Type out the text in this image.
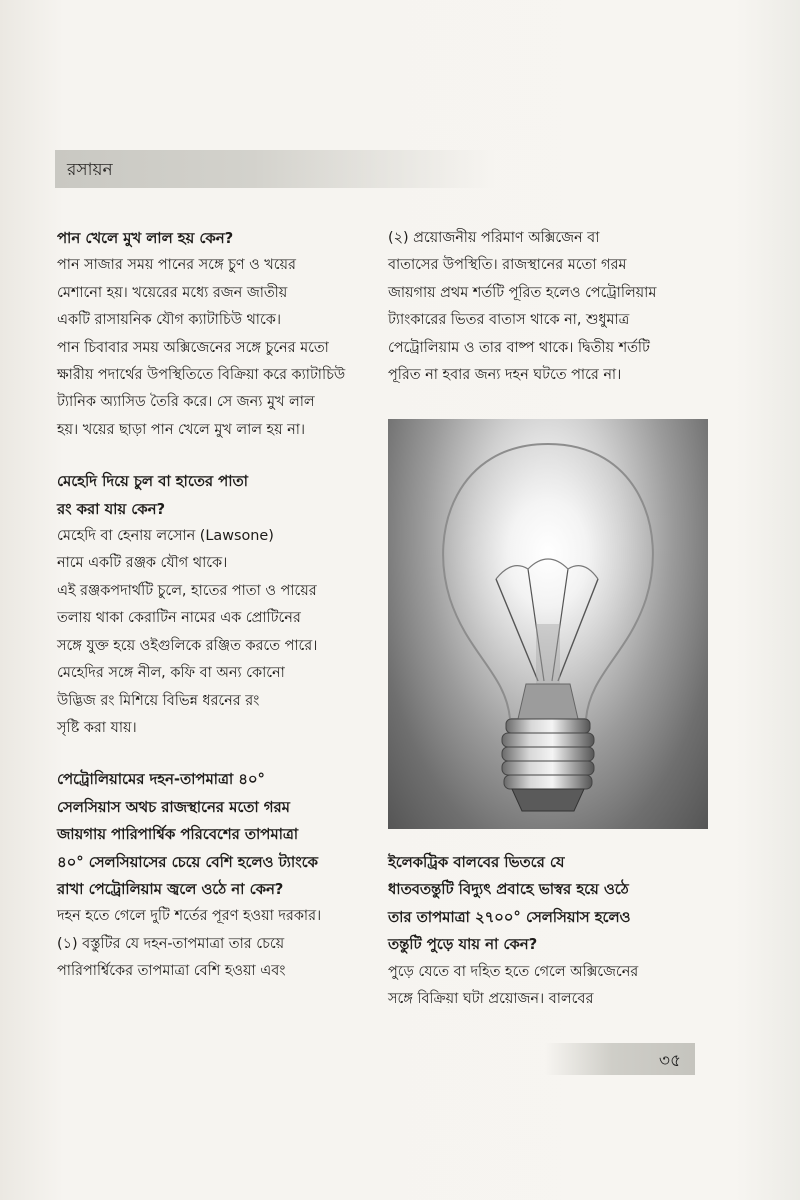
রসায়ন

পান খেলে মুখ লাল হয় কেন?

পান সাজার সময় পানের সঙ্গে চুণ ও খয়ের
মেশানো হয়। খয়েরের মধ্যে রজন জাতীয়
একটি রাসায়নিক যৌগ ক্যাটাচিউ থাকে।
পান চিবাবার সময় অক্সিজেনের সঙ্গে চুনের মতো
ক্ষারীয় পদার্থের উপস্থিতিতে বিক্রিয়া করে ক্যাটাচিউ
ট্যানিক অ্যাসিড তৈরি করে। সে জন্য মুখ লাল
হয়। খয়ের ছাড়া পান খেলে মুখ লাল হয় না।

মেহেদি দিয়ে চুল বা হাতের পাতা
রং করা যায় কেন?

মেহেদি বা হেনায় লসোন (Lawsone)
নামে একটি রঞ্জক যৌগ থাকে।
এই রঞ্জকপদার্থটি চুলে, হাতের পাতা ও পায়ের
তলায় থাকা কেরাটিন নামের এক প্রোটিনের
সঙ্গে যুক্ত হয়ে ওইগুলিকে রঞ্জিত করতে পারে।
মেহেদির সঙ্গে নীল, কফি বা অন্য কোনো
উদ্ভিজ রং মিশিয়ে বিভিন্ন ধরনের রং
সৃষ্টি করা যায়।

পেট্রোলিয়ামের দহন-তাপমাত্রা ৪০°
সেলসিয়াস অথচ রাজস্থানের মতো গরম
জায়গায় পারিপার্শ্বিক পরিবেশের তাপমাত্রা
৪০° সেলসিয়াসের চেয়ে বেশি হলেও ট্যাংকে
রাখা পেট্রোলিয়াম জ্বলে ওঠে না কেন?

দহন হতে গেলে দুটি শর্তের পূরণ হওয়া দরকার।
(১) বস্তুটির যে দহন-তাপমাত্রা তার চেয়ে
পারিপার্শ্বিকের তাপমাত্রা বেশি হওয়া এবং

(২) প্রয়োজনীয় পরিমাণ অক্সিজেন বা
বাতাসের উপস্থিতি। রাজস্থানের মতো গরম
জায়গায় প্রথম শর্তটি পূরিত হলেও পেট্রোলিয়াম
ট্যাংকারের ভিতর বাতাস থাকে না, শুধুমাত্র
পেট্রোলিয়াম ও তার বাষ্প থাকে। দ্বিতীয় শর্তটি
পূরিত না হবার জন্য দহন ঘটতে পারে না।

ইলেকট্রিক বালবের ভিতরে যে
ধাতবতন্তুটি বিদ্যুৎ প্রবাহে ভাস্বর হয়ে ওঠে
তার তাপমাত্রা ২৭০০° সেলসিয়াস হলেও
তন্তুটি পুড়ে যায় না কেন?

পুড়ে যেতে বা দহিত হতে গেলে অক্সিজেনের
সঙ্গে বিক্রিয়া ঘটা প্রয়োজন। বালবের

৩৫
